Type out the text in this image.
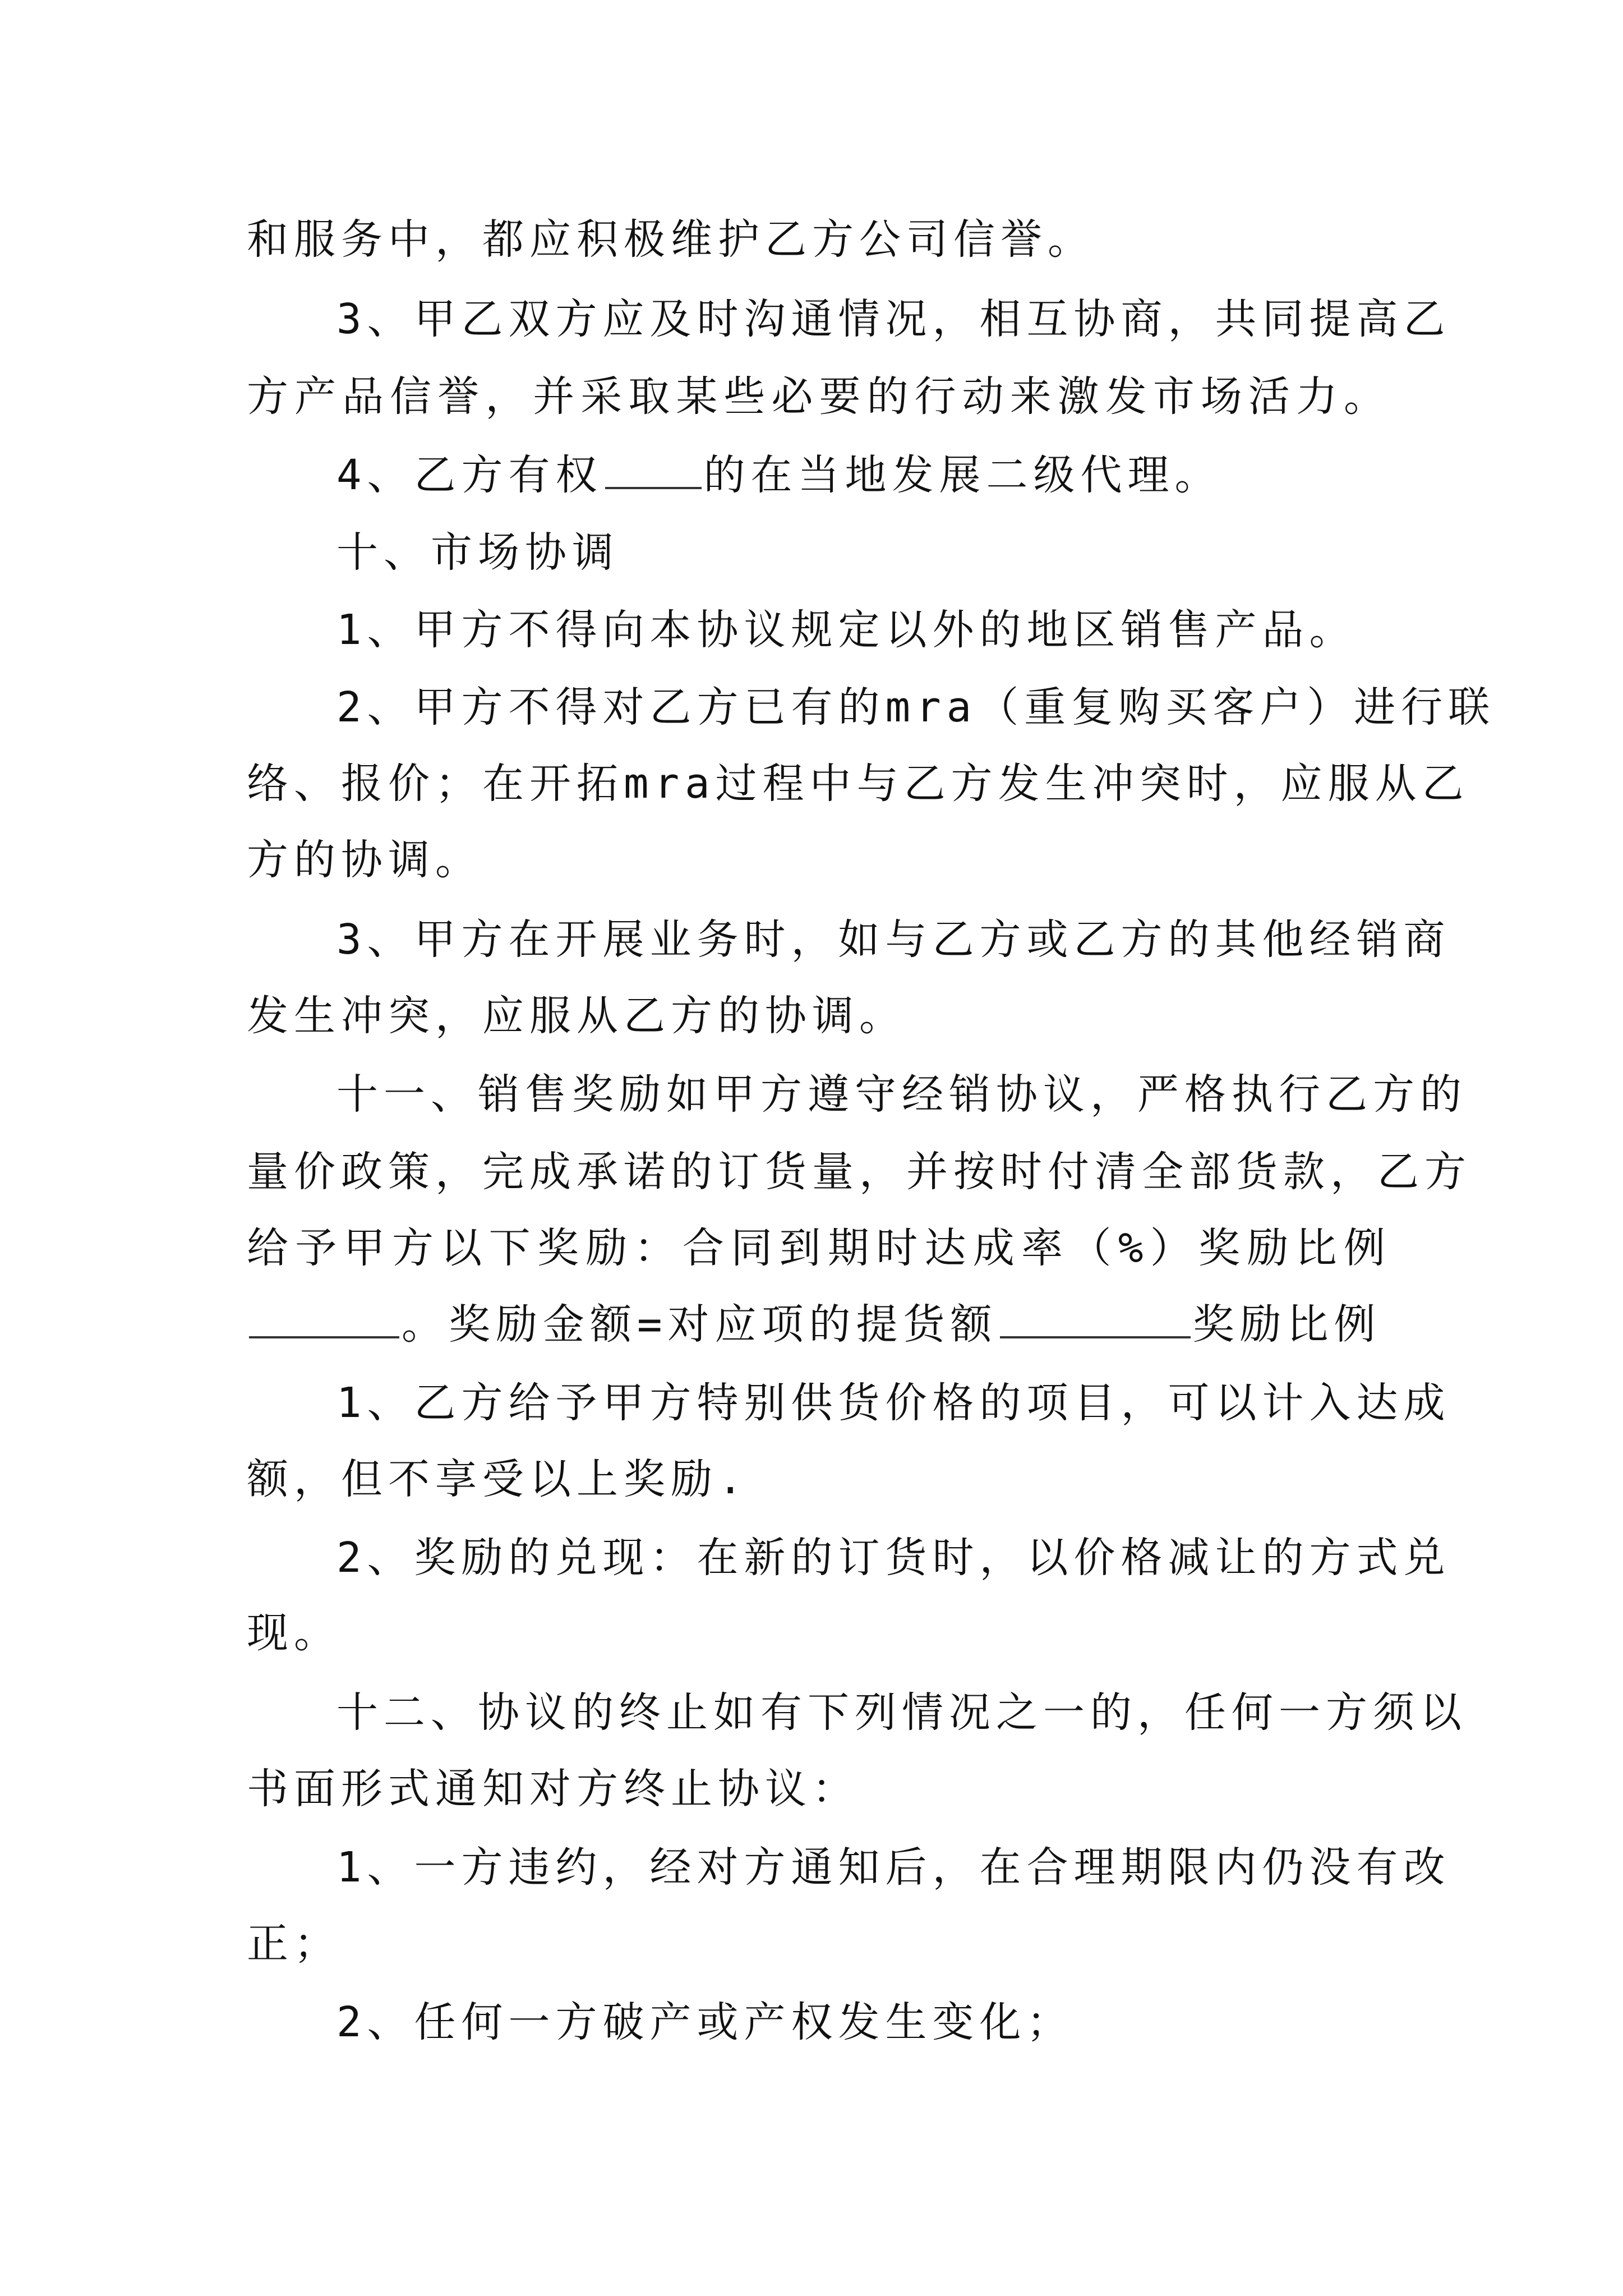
和服务中，都应积极维护乙方公司信誉。
3、甲乙双方应及时沟通情况，相互协商，共同提高乙
方产品信誉，并采取某些必要的行动来激发市场活力。
4、乙方有权 的在当地发展二级代理。
十、市场协调
1、甲方不得向本协议规定以外的地区销售产品。
2、甲方不得对乙方已有的mra（重复购买客户）进行联
络、报价；在开拓mra过程中与乙方发生冲突时，应服从乙
方的协调。
3、甲方在开展业务时，如与乙方或乙方的其他经销商
发生冲突，应服从乙方的协调。
十一、销售奖励如甲方遵守经销协议，严格执行乙方的
量价政策，完成承诺的订货量，并按时付清全部货款，乙方
给予甲方以下奖励：合同到期时达成率（%）奖励比例
。奖励金额=对应项的提货额	奖励比例
1、乙方给予甲方特别供货价格的项目，可以计入达成
额，但不享受以上奖励.
2、奖励的兑现：在新的订货时，以价格减让的方式兑
现。
十二、协议的终止如有下列情况之一的，任何一方须以
书面形式通知对方终止协议：
1、一方违约，经对方通知后，在合理期限内仍没有改
正；
2、任何一方破产或产权发生变化；
